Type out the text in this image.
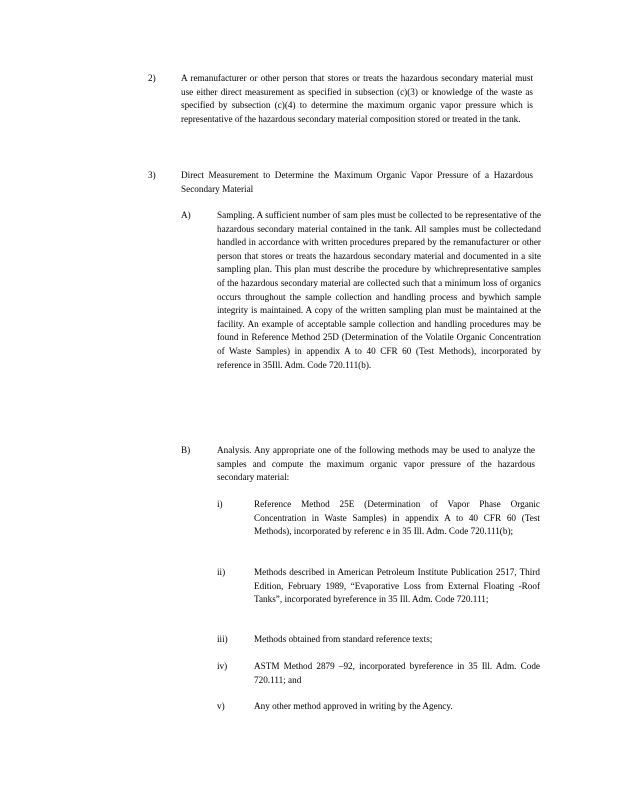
2)	A remanufacturer or other person that stores or treats the hazardous secondary material must use either direct measurement as specified in subsection (c)(3) or knowledge of the waste as specified by subsection (c)(4) to determine the maximum organic vapor pressure which is representative of the hazardous secondary material composition stored or treated in the tank.

3)	Direct Measurement to Determine the Maximum Organic Vapor Pressure of a Hazardous Secondary Material

A)	Sampling. A sufficient number of sam ples must be collected to be representative of the hazardous secondary material contained in the tank. All samples must be collectedand handled in accordance with written procedures prepared by the remanufacturer or other person that stores or treats the hazardous secondary material and documented in a site sampling plan. This plan must describe the procedure by whichrepresentative samples of the hazardous secondary material are collected such that a minimum loss of organics occurs throughout the sample collection and handling process and bywhich sample integrity is maintained. A copy of the written sampling plan must be maintained at the facility. An example of acceptable sample collection and handling procedures may be found in Reference Method 25D (Determination of the Volatile Organic Concentration of Waste Samples) in appendix A to 40 CFR 60 (Test Methods), incorporated by reference in 35Ill. Adm. Code 720.111(b).

B)	Analysis. Any appropriate one of the following methods may be used to analyze the samples and compute the maximum organic vapor pressure of the hazardous secondary material:

i)	Reference Method 25E (Determination of Vapor Phase Organic Concentration in Waste Samples) in appendix A to 40 CFR 60 (Test Methods), incorporated by referenc e in 35 Ill. Adm. Code 720.111(b);

ii)	Methods described in American Petroleum Institute Publication 2517, Third Edition, February 1989, “Evaporative Loss from External Floating -Roof Tanks”, incorporated byreference in 35 Ill. Adm. Code 720.111;

iii)	Methods obtained from standard reference texts;

iv)	ASTM Method 2879 –92, incorporated byreference in 35 Ill. Adm. Code 720.111; and

v)	Any other method approved in writing by the Agency.
